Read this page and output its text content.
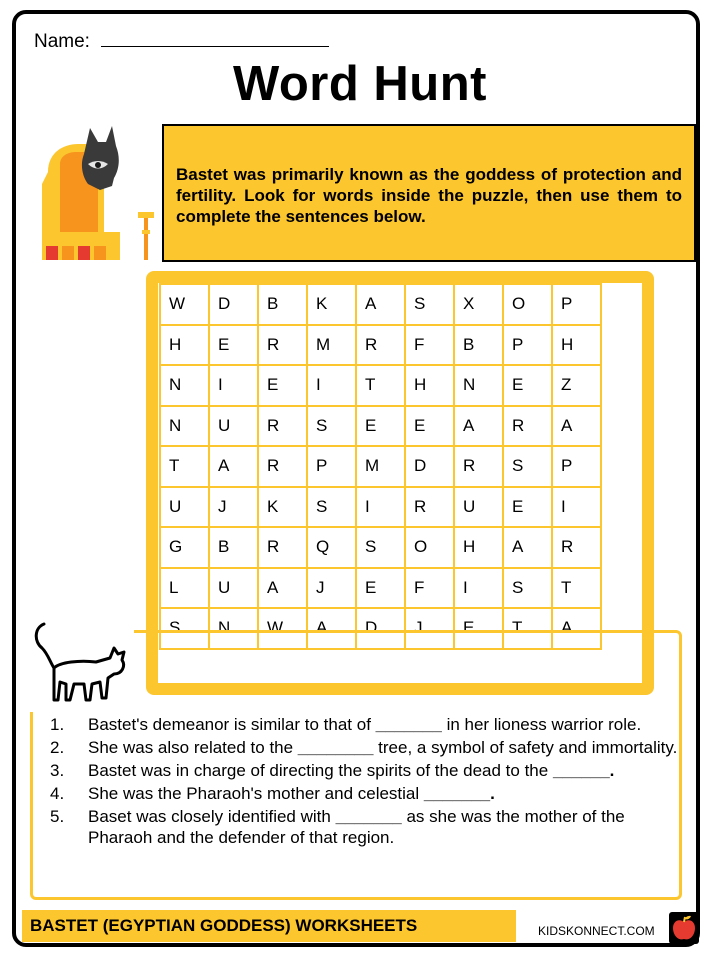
Name:
Word Hunt
Bastet was primarily known as the goddess of protection and fertility. Look for words inside the puzzle, then use them to complete the sentences below.
W	D	B	K	A	S	X	O	P
H	E	R	M	R	F	B	P	H
N	I	E	I	T	H	N	E	Z
N	U	R	S	E	E	A	R	A
T	A	R	P	M	D	R	S	P
U	J	K	S	I	R	U	E	I
G	B	R	Q	S	O	H	A	R
L	U	A	J	E	F	I	S	T
S	N	W	A	D	J	E	T	A
1. Bastet's demeanor is similar to that of _______ in her lioness warrior role.
2. She was also related to the ________ tree, a symbol of safety and immortality.
3. Bastet was in charge of directing the spirits of the dead to the ______.
4. She was the Pharaoh's mother and celestial _______.
5. Baset was closely identified with _______ as she was the mother of the Pharaoh and the defender of that region.
BASTET (EGYPTIAN GODDESS) WORKSHEETS	KIDSKONNECT.COM
